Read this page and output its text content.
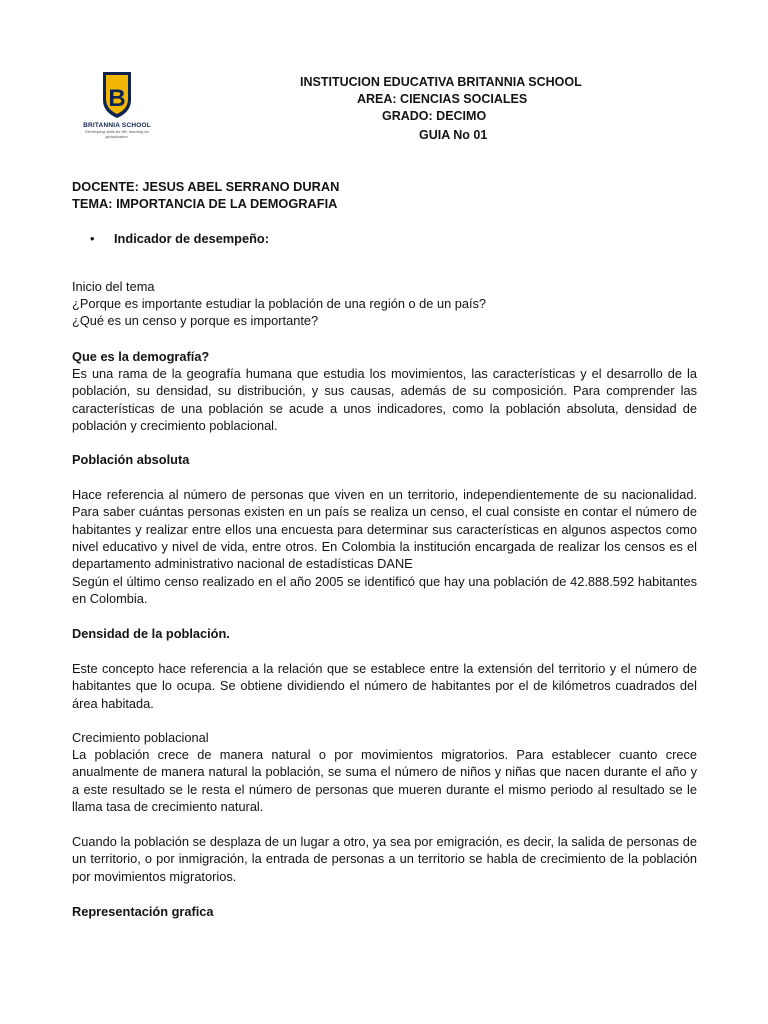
B
BRITANNIA SCHOOL
Developing skills for life, learning for globalization.
INSTITUCION EDUCATIVA BRITANNIA SCHOOL
AREA: CIENCIAS SOCIALES
GRADO: DECIMO
GUIA No 01
DOCENTE: JESUS ABEL SERRANO DURAN
TEMA: IMPORTANCIA DE LA DEMOGRAFIA
• Indicador de desempeño:
Inicio del tema
¿Porque es importante estudiar la población de una región o de un país?
¿Qué es un censo y porque es importante?
Que es la demografía?
Es una rama de la geografía humana que estudia los movimientos, las características y el desarrollo de la población, su densidad, su distribución, y sus causas, además de su composición. Para comprender las características de una población se acude a unos indicadores, como la población absoluta, densidad de población y crecimiento poblacional.
Población absoluta
Hace referencia al número de personas que viven en un territorio, independientemente de su nacionalidad. Para saber cuántas personas existen en un país se realiza un censo, el cual consiste en contar el número de habitantes y realizar entre ellos una encuesta para determinar sus características en algunos aspectos como nivel educativo y nivel de vida, entre otros. En Colombia la institución encargada de realizar los censos es el departamento administrativo nacional de estadísticas DANE
Según el último censo realizado en el año 2005 se identificó que hay una población de 42.888.592 habitantes en Colombia.
Densidad de la población.
Este concepto hace referencia a la relación que se establece entre la extensión del territorio y el número de habitantes que lo ocupa. Se obtiene dividiendo el número de habitantes por el de kilómetros cuadrados del área habitada.
Crecimiento poblacional
La población crece de manera natural o por movimientos migratorios. Para establecer cuanto crece anualmente de manera natural la población, se suma el número de niños y niñas que nacen durante el año y a este resultado se le resta el número de personas que mueren durante el mismo periodo al resultado se le llama tasa de crecimiento natural.
Cuando la población se desplaza de un lugar a otro, ya sea por emigración, es decir, la salida de personas de un territorio, o por inmigración, la entrada de personas a un territorio se habla de crecimiento de la población por movimientos migratorios.
Representación grafica
